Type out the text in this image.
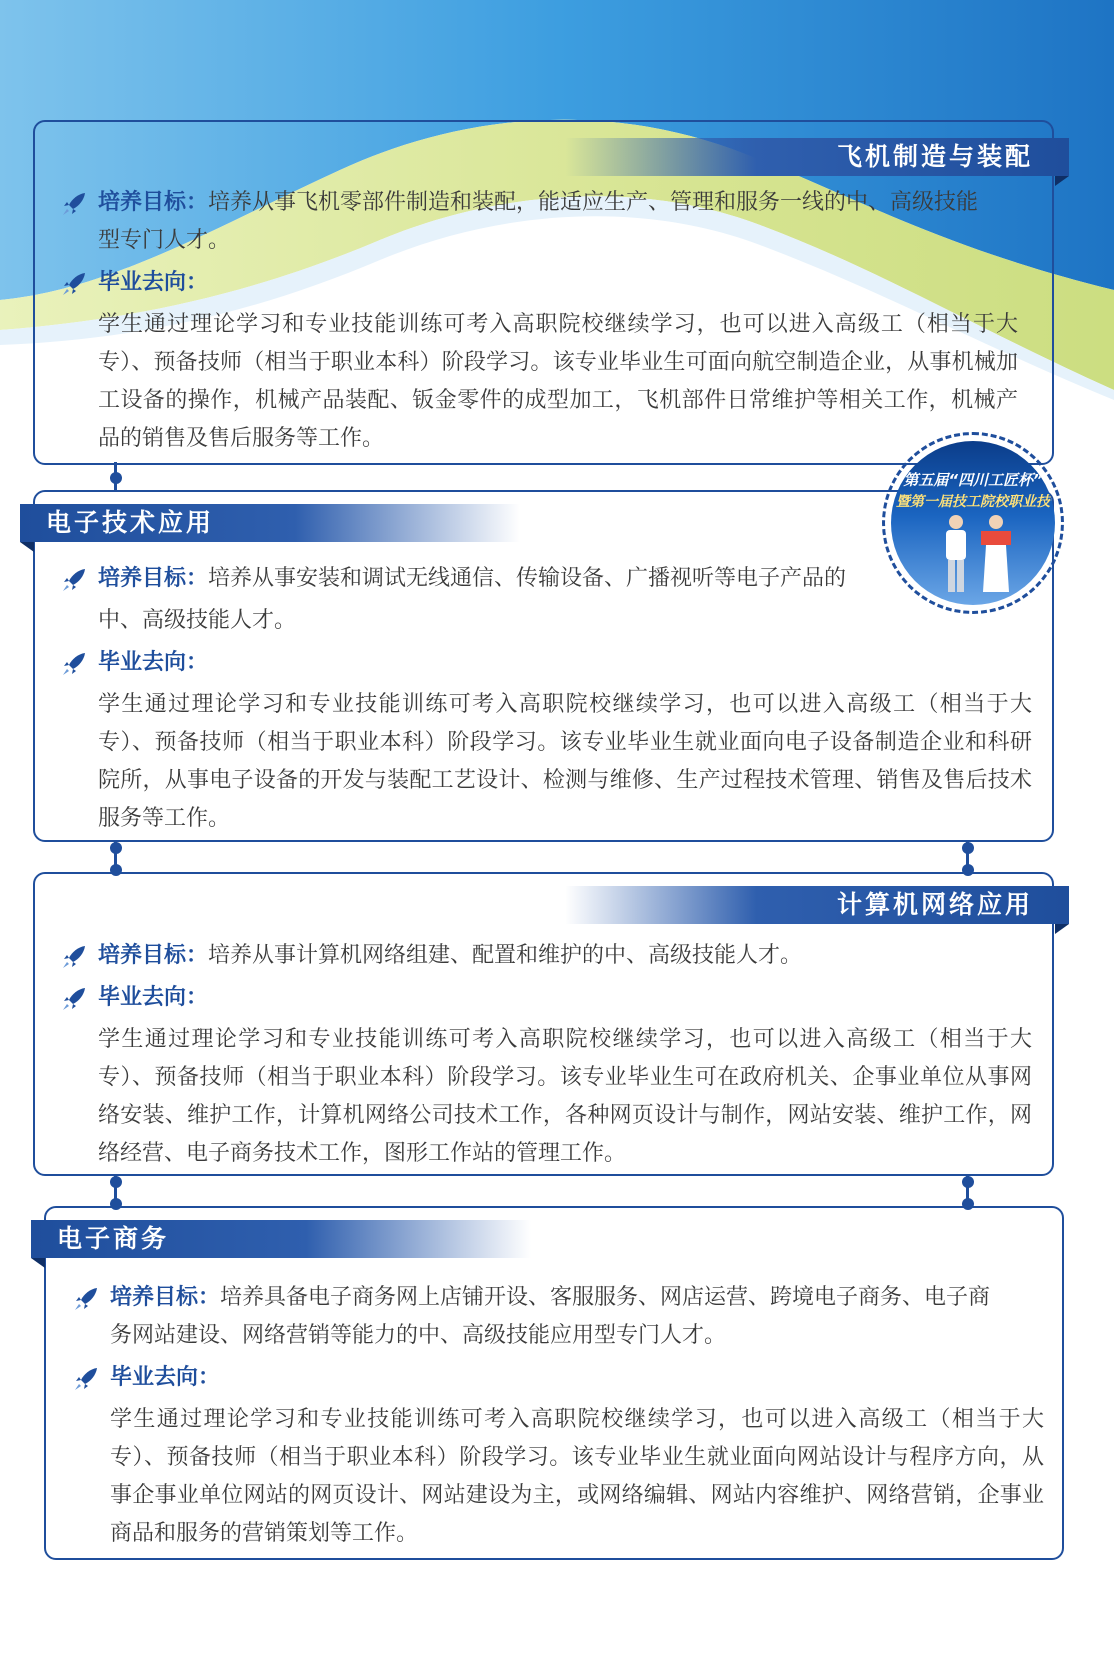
飞机制造与装配
培养目标：培养从事飞机零部件制造和装配，能适应生产、管理和服务一线的中、高级技能
型专门人才。
毕业去向：
学生通过理论学习和专业技能训练可考入高职院校继续学习，也可以进入高级工（相当于大专）、预备技师（相当于职业本科）阶段学习。该专业毕业生可面向航空制造企业，从事机械加工设备的操作，机械产品装配、钣金零件的成型加工，飞机部件日常维护等相关工作，机械产品的销售及售后服务等工作。
电子技术应用
培养目标：培养从事安装和调试无线通信、传输设备、广播视听等电子产品的
中、高级技能人才。
毕业去向：
学生通过理论学习和专业技能训练可考入高职院校继续学习，也可以进入高级工（相当于大专）、预备技师（相当于职业本科）阶段学习。该专业毕业生就业面向电子设备制造企业和科研院所，从事电子设备的开发与装配工艺设计、检测与维修、生产过程技术管理、销售及售后技术服务等工作。
第五届“四川工匠杯”
暨第一届技工院校职业技
计算机网络应用
培养目标：培养从事计算机网络组建、配置和维护的中、高级技能人才。
毕业去向：
学生通过理论学习和专业技能训练可考入高职院校继续学习，也可以进入高级工（相当于大专）、预备技师（相当于职业本科）阶段学习。该专业毕业生可在政府机关、企事业单位从事网络安装、维护工作，计算机网络公司技术工作，各种网页设计与制作，网站安装、维护工作，网络经营、电子商务技术工作，图形工作站的管理工作。
电子商务
培养目标：培养具备电子商务网上店铺开设、客服服务、网店运营、跨境电子商务、电子商
务网站建设、网络营销等能力的中、高级技能应用型专门人才。
毕业去向：
学生通过理论学习和专业技能训练可考入高职院校继续学习，也可以进入高级工（相当于大专）、预备技师（相当于职业本科）阶段学习。该专业毕业生就业面向网站设计与程序方向，从事企事业单位网站的网页设计、网站建设为主，或网络编辑、网站内容维护、网络营销，企事业商品和服务的营销策划等工作。
